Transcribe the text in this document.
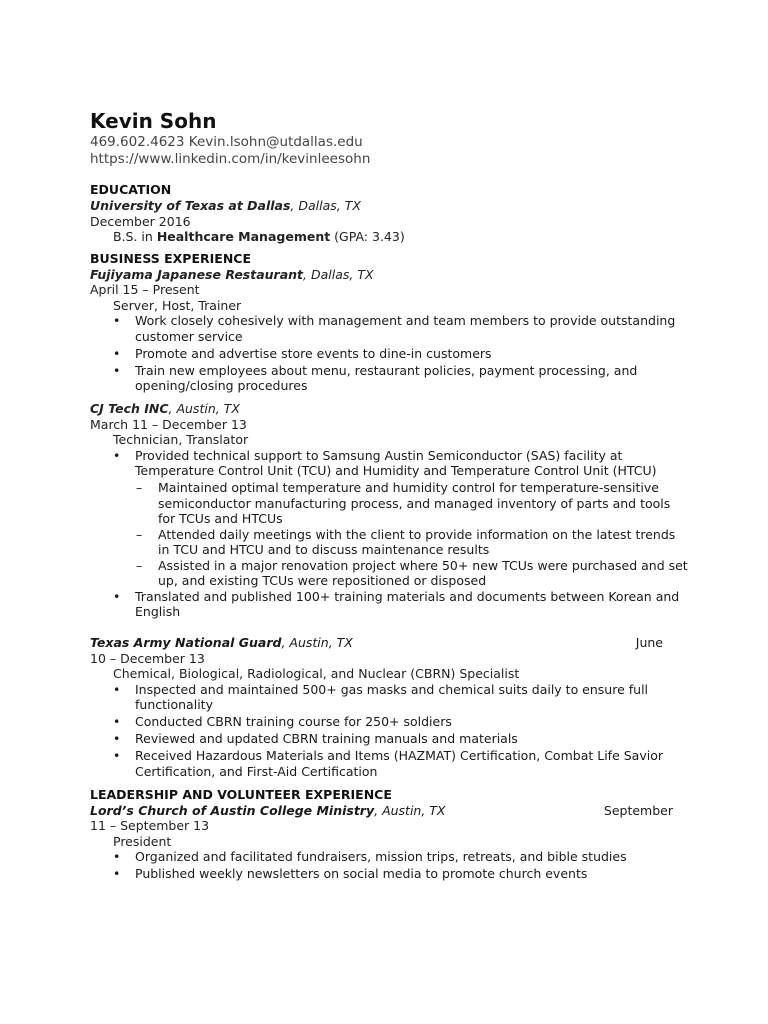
Kevin Sohn
469.602.4623 Kevin.lsohn@utdallas.edu
https://www.linkedin.com/in/kevinleesohn
EDUCATION
University of Texas at Dallas, Dallas, TX
December 2016
B.S. in Healthcare Management (GPA: 3.43)
BUSINESS EXPERIENCE
Fujiyama Japanese Restaurant, Dallas, TX
April 15 – Present
Server, Host, Trainer
• Work closely cohesively with management and team members to provide outstanding customer service
• Promote and advertise store events to dine-in customers
• Train new employees about menu, restaurant policies, payment processing, and opening/closing procedures
CJ Tech INC, Austin, TX
March 11 – December 13
Technician, Translator
• Provided technical support to Samsung Austin Semiconductor (SAS) facility at Temperature Control Unit (TCU) and Humidity and Temperature Control Unit (HTCU)
– Maintained optimal temperature and humidity control for temperature-sensitive semiconductor manufacturing process, and managed inventory of parts and tools for TCUs and HTCUs
– Attended daily meetings with the client to provide information on the latest trends in TCU and HTCU and to discuss maintenance results
– Assisted in a major renovation project where 50+ new TCUs were purchased and set up, and existing TCUs were repositioned or disposed
• Translated and published 100+ training materials and documents between Korean and English
Texas Army National Guard, Austin, TX	June
10 – December 13
Chemical, Biological, Radiological, and Nuclear (CBRN) Specialist
• Inspected and maintained 500+ gas masks and chemical suits daily to ensure full functionality
• Conducted CBRN training course for 250+ soldiers
• Reviewed and updated CBRN training manuals and materials
• Received Hazardous Materials and Items (HAZMAT) Certification, Combat Life Savior Certification, and First-Aid Certification
LEADERSHIP AND VOLUNTEER EXPERIENCE
Lord’s Church of Austin College Ministry, Austin, TX	September
11 – September 13
President
• Organized and facilitated fundraisers, mission trips, retreats, and bible studies
• Published weekly newsletters on social media to promote church events
